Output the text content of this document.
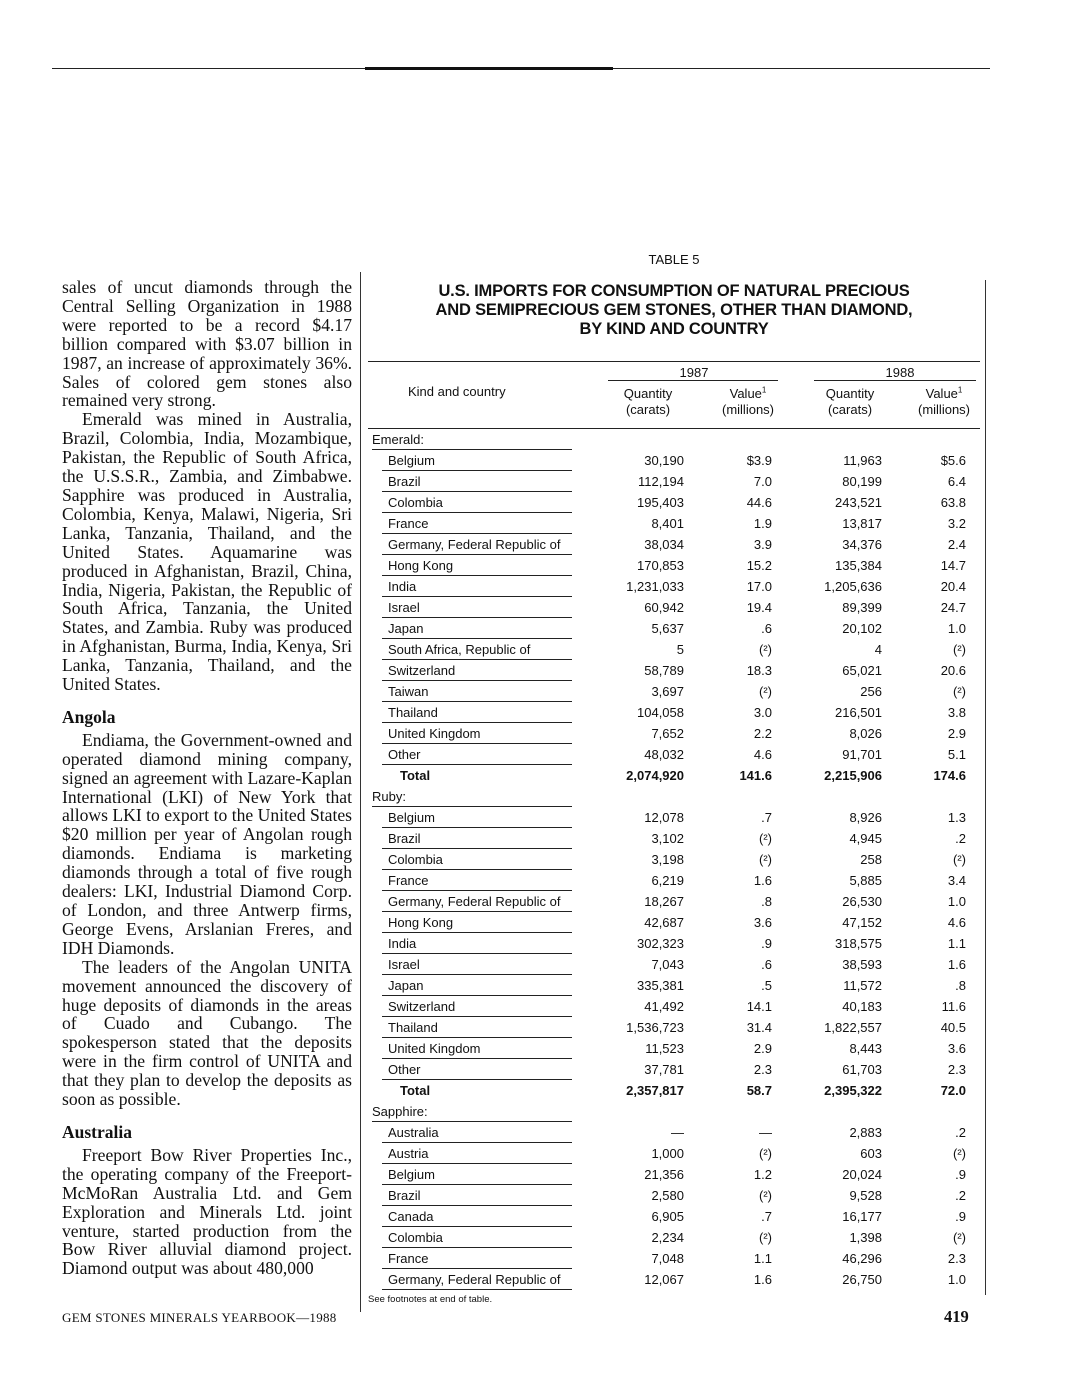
sales of uncut diamonds through the Central Selling Organization in 1988 were reported to be a record $4.17 billion compared with $3.07 billion in 1987, an increase of approximately 36%. Sales of colored gem stones also remained very strong.

Emerald was mined in Australia, Brazil, Colombia, India, Mozambique, Pakistan, the Republic of South Africa, the U.S.S.R., Zambia, and Zimbabwe. Sapphire was produced in Australia, Colombia, Kenya, Malawi, Nigeria, Sri Lanka, Tanzania, Thailand, and the United States. Aquamarine was produced in Afghanistan, Brazil, China, India, Nigeria, Pakistan, the Republic of South Africa, Tanzania, the United States, and Zambia. Ruby was produced in Afghanistan, Burma, India, Kenya, Sri Lanka, Tanzania, Thailand, and the United States.

Angola

Endiama, the Government-owned and operated diamond mining company, signed an agreement with Lazare-Kaplan International (LKI) of New York that allows LKI to export to the United States $20 million per year of Angolan rough diamonds. Endiama is marketing diamonds through a total of five rough dealers: LKI, Industrial Diamond Corp. of London, and three Antwerp firms, George Evens, Arslanian Freres, and IDH Diamonds.

The leaders of the Angolan UNITA movement announced the discovery of huge deposits of diamonds in the areas of Cuado and Cubango. The spokesperson stated that the deposits were in the firm control of UNITA and that they plan to develop the deposits as soon as possible.

Australia

Freeport Bow River Properties Inc., the operating company of the Freeport-McMoRan Australia Ltd. and Gem Exploration and Minerals Ltd. joint venture, started production from the Bow River alluvial diamond project. Diamond output was about 480,000

TABLE 5
U.S. IMPORTS FOR CONSUMPTION OF NATURAL PRECIOUS
AND SEMIPRECIOUS GEM STONES, OTHER THAN DIAMOND,
BY KIND AND COUNTRY
Kind and country
1987	1988
Quantity
(carats)
Value$^1$
(millions)
Quantity
(carats)
Value$^1$
(millions)
Emerald:
Belgium	30,190	$3.9	11,963	$5.6
Brazil	112,194	7.0	80,199	6.4
Colombia	195,403	44.6	243,521	63.8
France	8,401	1.9	13,817	3.2
Germany, Federal Republic of	38,034	3.9	34,376	2.4
Hong Kong	170,853	15.2	135,384	14.7
India	1,231,033	17.0	1,205,636	20.4
Israel	60,942	19.4	89,399	24.7
Japan	5,637	.6	20,102	1.0
South Africa, Republic of	5	(²)	4	(²)
Switzerland	58,789	18.3	65,021	20.6
Taiwan	3,697	(²)	256	(²)
Thailand	104,058	3.0	216,501	3.8
United Kingdom	7,652	2.2	8,026	2.9
Other	48,032	4.6	91,701	5.1
Total	2,074,920	141.6	2,215,906	174.6
Ruby:
Belgium	12,078	.7	8,926	1.3
Brazil	3,102	(²)	4,945	.2
Colombia	3,198	(²)	258	(²)
France	6,219	1.6	5,885	3.4
Germany, Federal Republic of	18,267	.8	26,530	1.0
Hong Kong	42,687	3.6	47,152	4.6
India	302,323	.9	318,575	1.1
Israel	7,043	.6	38,593	1.6
Japan	335,381	.5	11,572	.8
Switzerland	41,492	14.1	40,183	11.6
Thailand	1,536,723	31.4	1,822,557	40.5
United Kingdom	11,523	2.9	8,443	3.6
Other	37,781	2.3	61,703	2.3
Total	2,357,817	58.7	2,395,322	72.0
Sapphire:
Australia	—	—	2,883	.2
Austria	1,000	(²)	603	(²)
Belgium	21,356	1.2	20,024	.9
Brazil	2,580	(²)	9,528	.2
Canada	6,905	.7	16,177	.9
Colombia	2,234	(²)	1,398	(²)
France	7,048	1.1	46,296	2.3
Germany, Federal Republic of	12,067	1.6	26,750	1.0
See footnotes at end of table.
GEM STONES MINERALS YEARBOOK—1988	419
